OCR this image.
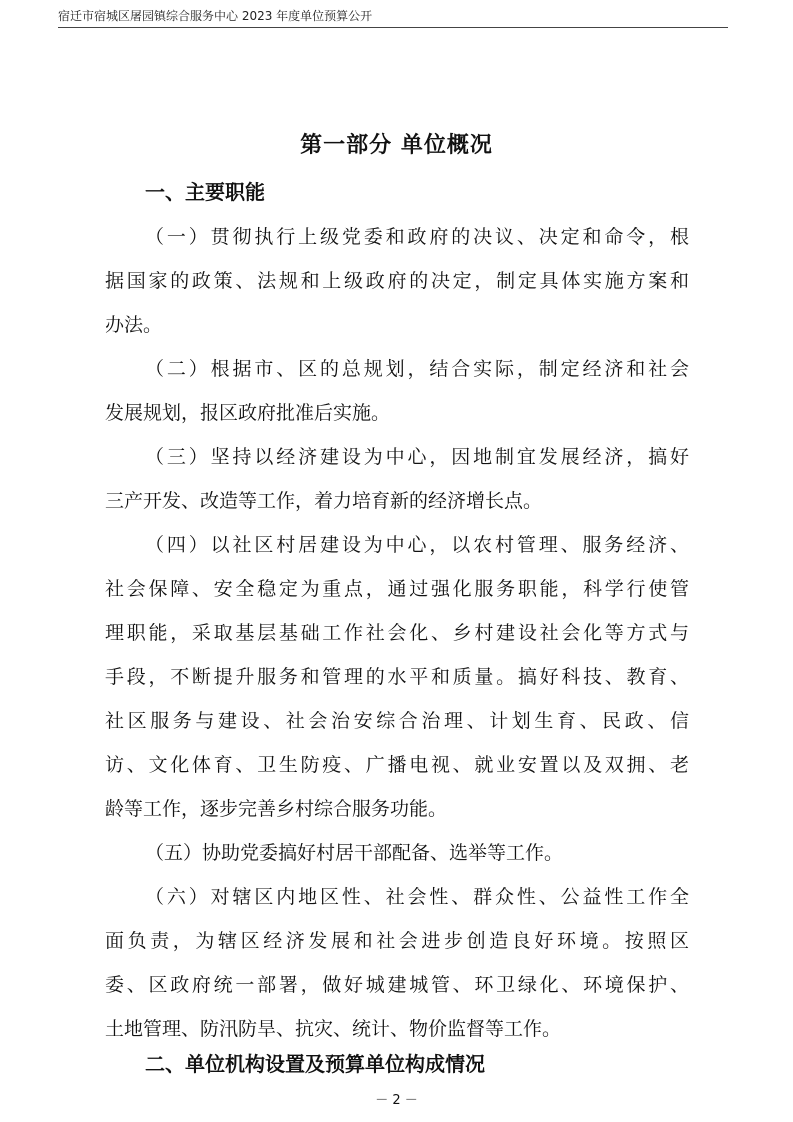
宿迁市宿城区屠园镇综合服务中心 2023 年度单位预算公开
第一部分 单位概况
一、主要职能
（一）贯彻执行上级党委和政府的决议、决定和命令，根
据国家的政策、法规和上级政府的决定，制定具体实施方案和
办法。
（二）根据市、区的总规划，结合实际，制定经济和社会
发展规划，报区政府批准后实施。
（三）坚持以经济建设为中心，因地制宜发展经济，搞好
三产开发、改造等工作，着力培育新的经济增长点。
（四）以社区村居建设为中心，以农村管理、服务经济、
社会保障、安全稳定为重点，通过强化服务职能，科学行使管
理职能，采取基层基础工作社会化、乡村建设社会化等方式与
手段，不断提升服务和管理的水平和质量。搞好科技、教育、
社区服务与建设、社会治安综合治理、计划生育、民政、信
访、文化体育、卫生防疫、广播电视、就业安置以及双拥、老
龄等工作，逐步完善乡村综合服务功能。
（五）协助党委搞好村居干部配备、选举等工作。
（六）对辖区内地区性、社会性、群众性、公益性工作全
面负责，为辖区经济发展和社会进步创造良好环境。按照区
委、区政府统一部署，做好城建城管、环卫绿化、环境保护、
二、单位机构设置及预算单位构成情况
－ 2 －
土地管理、防汛防旱、抗灾、统计、物价监督等工作。
